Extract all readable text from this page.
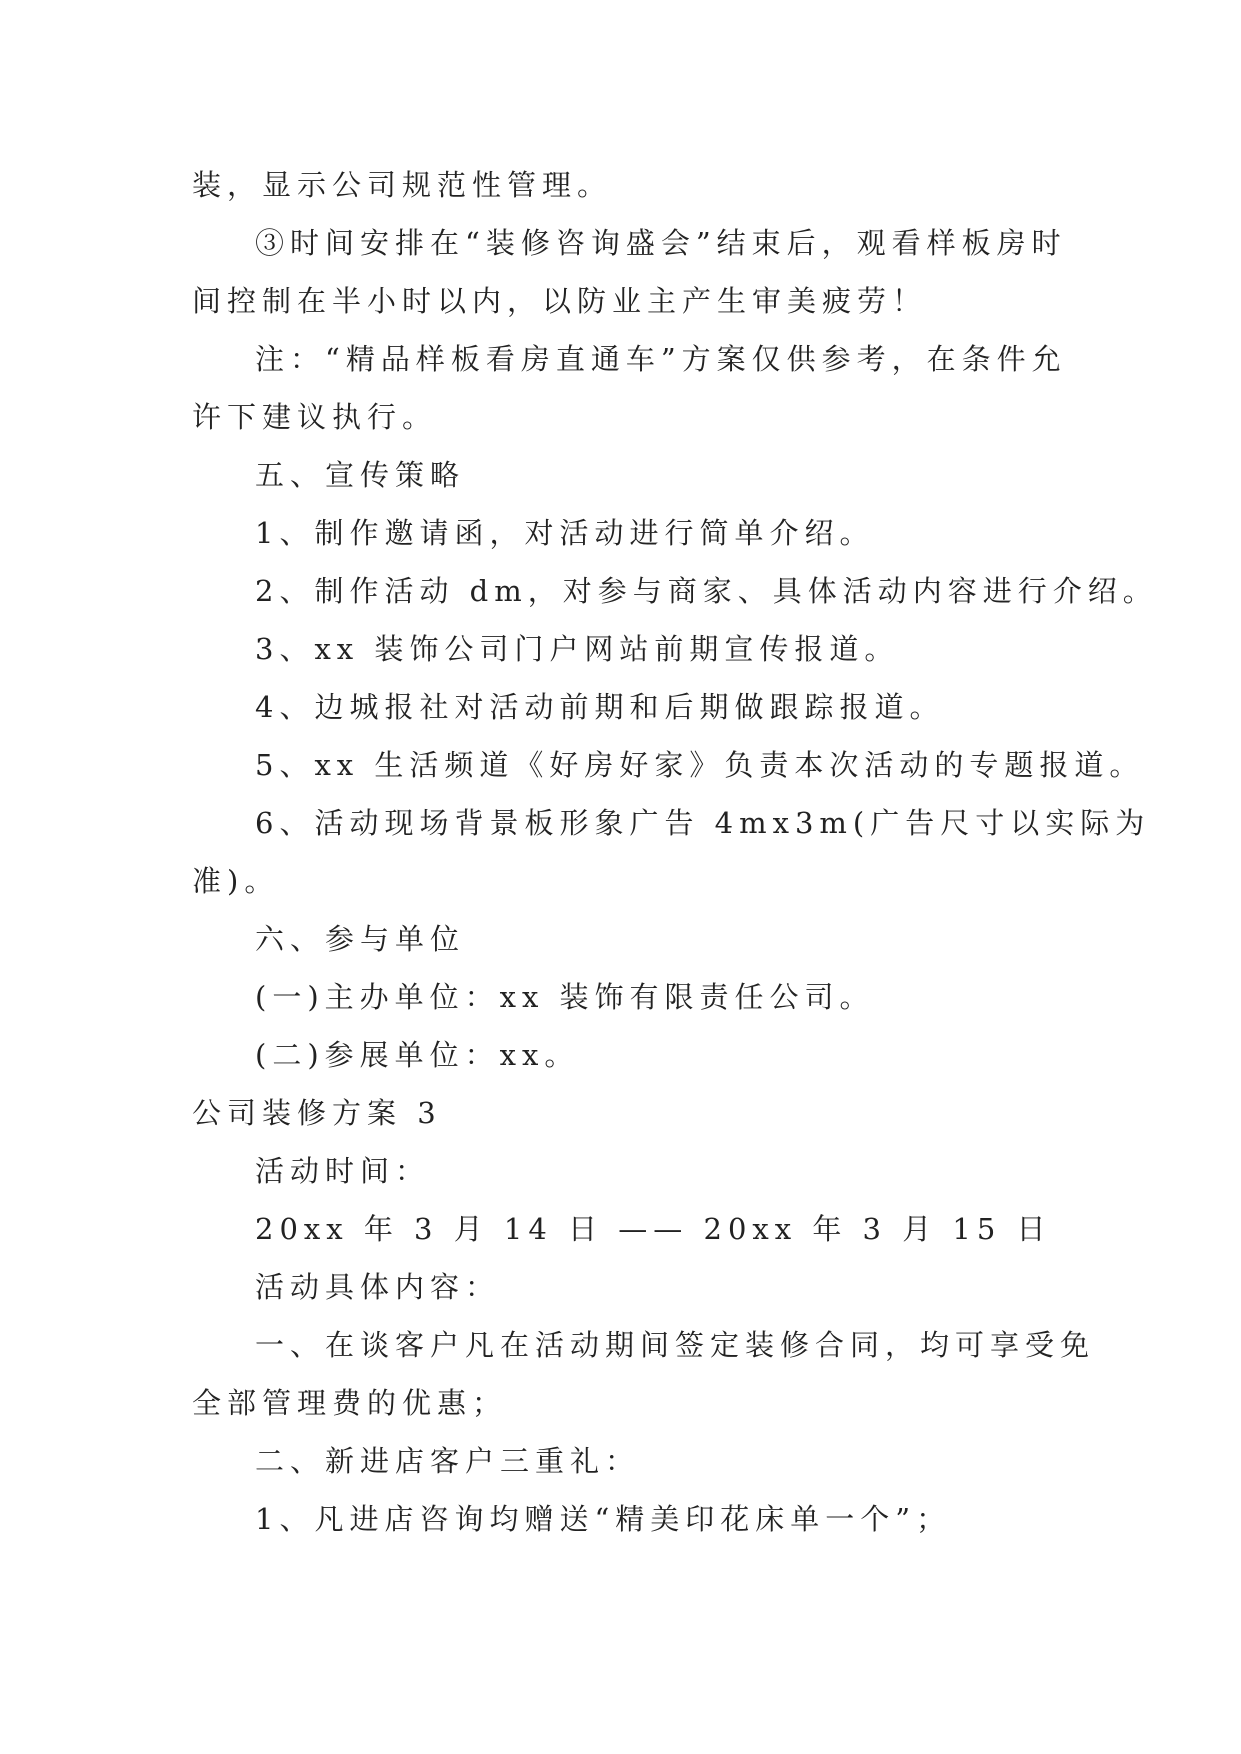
装，显示公司规范性管理。

③时间安排在“装修咨询盛会”结束后，观看样板房时

间控制在半小时以内，以防业主产生审美疲劳！

注：“精品样板看房直通车”方案仅供参考，在条件允

许下建议执行。

五、宣传策略

1、制作邀请函，对活动进行简单介绍。

2、制作活动 dm，对参与商家、具体活动内容进行介绍。

3、xx 装饰公司门户网站前期宣传报道。

4、边城报社对活动前期和后期做跟踪报道。

5、xx 生活频道《好房好家》负责本次活动的专题报道。

6、活动现场背景板形象广告 4mx3m(广告尺寸以实际为

准)。

六、参与单位

(一)主办单位：xx 装饰有限责任公司。

(二)参展单位：xx。

公司装修方案 3

活动时间：

20xx 年 3 月 14 日 —— 20xx 年 3 月 15 日

活动具体内容：

一、在谈客户凡在活动期间签定装修合同，均可享受免

全部管理费的优惠；

二、新进店客户三重礼：

1、凡进店咨询均赠送“精美印花床单一个”；
